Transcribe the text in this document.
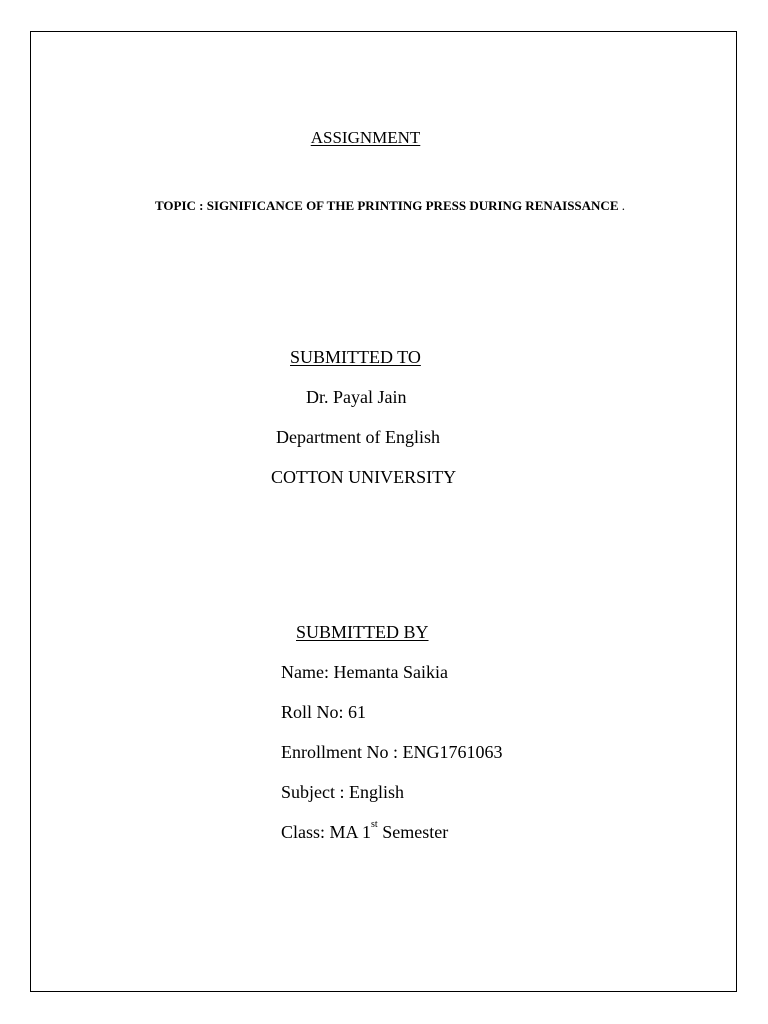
ASSIGNMENT
TOPIC : SIGNIFICANCE OF THE PRINTING PRESS DURING RENAISSANCE .
SUBMITTED TO
Dr. Payal Jain
Department of English
COTTON UNIVERSITY
SUBMITTED BY
Name: Hemanta Saikia
Roll No: 61
Enrollment No : ENG1761063
Subject : English
Class: MA 1st Semester
